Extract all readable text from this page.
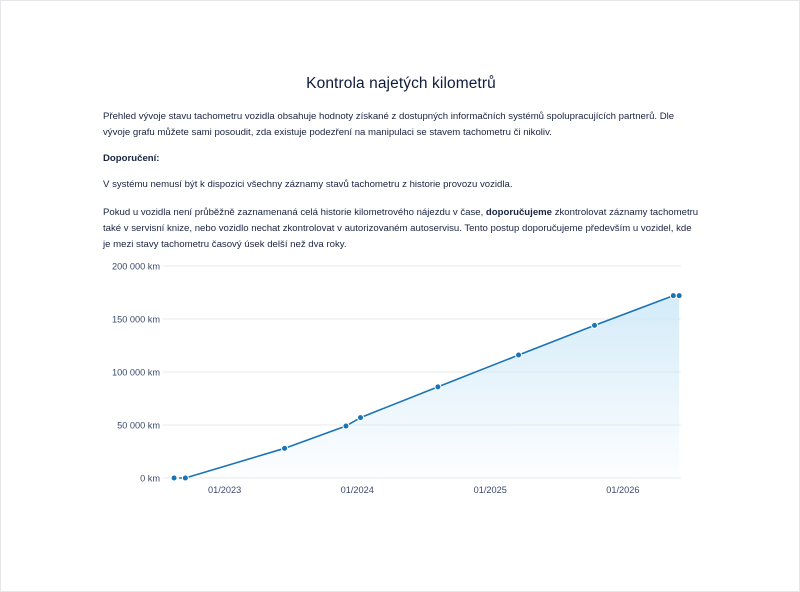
Kontrola najetých kilometrů
Přehled vývoje stavu tachometru vozidla obsahuje hodnoty získané z dostupných informačních systémů spolupracujících partnerů. Dle vývoje grafu můžete sami posoudit, zda existuje podezření na manipulaci se stavem tachometru či nikoliv.
Doporučení:
V systému nemusí být k dispozici všechny záznamy stavů tachometru z historie provozu vozidla.
Pokud u vozidla není průběžně zaznamenaná celá historie kilometrového nájezdu v čase, doporučujeme zkontrolovat záznamy tachometru také v servisní knize, nebo vozidlo nechat zkontrolovat v autorizovaném autoservisu. Tento postup doporučujeme především u vozidel, kde je mezi stavy tachometru časový úsek delší než dva roky.
0 km
50 000 km
100 000 km
150 000 km
200 000 km
01/2023	01/2024	01/2025	01/2026
